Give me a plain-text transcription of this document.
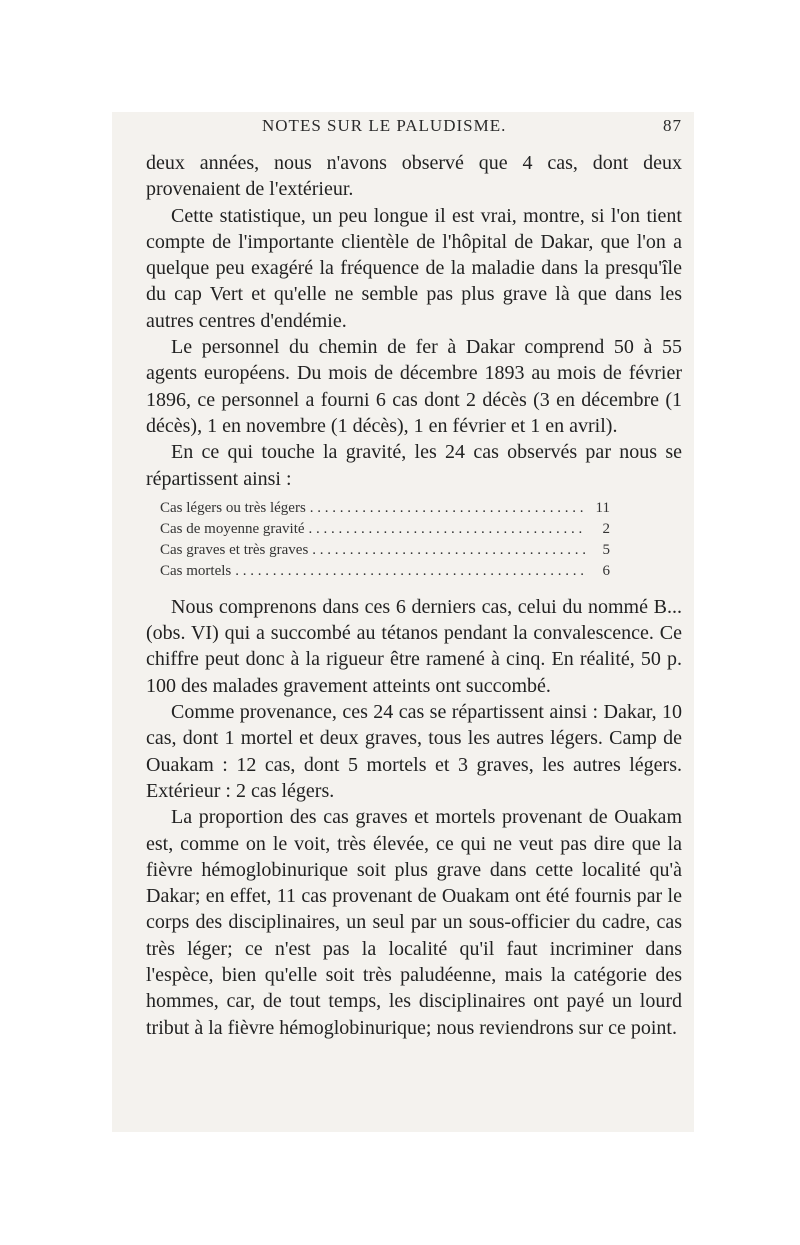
NOTES SUR LE PALUDISME.	87

deux années, nous n'avons observé que 4 cas, dont deux provenaient de l'extérieur.

Cette statistique, un peu longue il est vrai, montre, si l'on tient compte de l'importante clientèle de l'hôpital de Dakar, que l'on a quelque peu exagéré la fréquence de la maladie dans la presqu'île du cap Vert et qu'elle ne semble pas plus grave là que dans les autres centres d'endémie.

Le personnel du chemin de fer à Dakar comprend 50 à 55 agents européens. Du mois de décembre 1893 au mois de février 1896, ce personnel a fourni 6 cas dont 2 décès (3 en décembre (1 décès), 1 en novembre (1 décès), 1 en février et 1 en avril).

En ce qui touche la gravité, les 24 cas observés par nous se répartissent ainsi :

Cas légers ou très légers . . .	11
Cas de moyenne gravité . . .	2
Cas graves et très graves . . .	5
Cas mortels . . .	6

Nous comprenons dans ces 6 derniers cas, celui du nommé B... (obs. VI) qui a succombé au tétanos pendant la convalescence. Ce chiffre peut donc à la rigueur être ramené à cinq. En réalité, 50 p. 100 des malades gravement atteints ont succombé.

Comme provenance, ces 24 cas se répartissent ainsi : Dakar, 10 cas, dont 1 mortel et deux graves, tous les autres légers. Camp de Ouakam : 12 cas, dont 5 mortels et 3 graves, les autres légers. Extérieur : 2 cas légers.

La proportion des cas graves et mortels provenant de Ouakam est, comme on le voit, très élevée, ce qui ne veut pas dire que la fièvre hémoglobinurique soit plus grave dans cette localité qu'à Dakar; en effet, 11 cas provenant de Ouakam ont été fournis par le corps des disciplinaires, un seul par un sous-officier du cadre, cas très léger; ce n'est pas la localité qu'il faut incriminer dans l'espèce, bien qu'elle soit très paludéenne, mais la catégorie des hommes, car, de tout temps, les disciplinaires ont payé un lourd tribut à la fièvre hémoglobinurique; nous reviendrons sur ce point.
